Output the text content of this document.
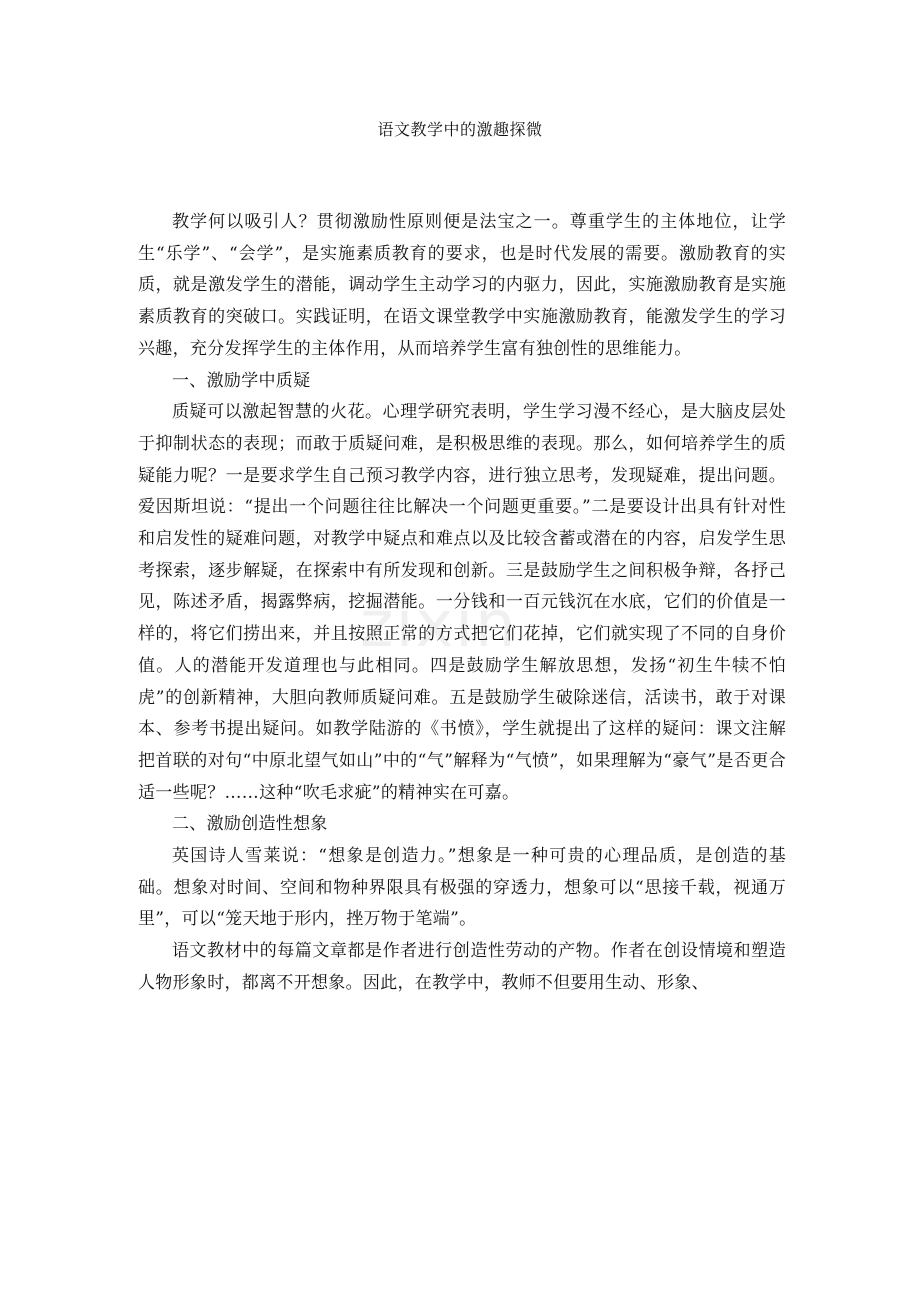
语文教学中的激趣探微

教学何以吸引人？贯彻激励性原则便是法宝之一。尊重学生的主体地位，让学生“乐学”、“会学”，是实施素质教育的要求，也是时代发展的需要。激励教育的实质，就是激发学生的潜能，调动学生主动学习的内驱力，因此，实施激励教育是实施素质教育的突破口。实践证明，在语文课堂教学中实施激励教育，能激发学生的学习兴趣，充分发挥学生的主体作用，从而培养学生富有独创性的思维能力。

一、激励学中质疑

质疑可以激起智慧的火花。心理学研究表明，学生学习漫不经心，是大脑皮层处于抑制状态的表现；而敢于质疑问难，是积极思维的表现。那么，如何培养学生的质疑能力呢？一是要求学生自己预习教学内容，进行独立思考，发现疑难，提出问题。爱因斯坦说：“提出一个问题往往比解决一个问题更重要。”二是要设计出具有针对性和启发性的疑难问题，对教学中疑点和难点以及比较含蓄或潜在的内容，启发学生思考探索，逐步解疑，在探索中有所发现和创新。三是鼓励学生之间积极争辩，各抒己见，陈述矛盾，揭露弊病，挖掘潜能。一分钱和一百元钱沉在水底，它们的价值是一样的，将它们捞出来，并且按照正常的方式把它们花掉，它们就实现了不同的自身价值。人的潜能开发道理也与此相同。四是鼓励学生解放思想，发扬“初生牛犊不怕虎”的创新精神，大胆向教师质疑问难。五是鼓励学生破除迷信，活读书，敢于对课本、参考书提出疑问。如教学陆游的《书愤》，学生就提出了这样的疑问：课文注解把首联的对句“中原北望气如山”中的“气”解释为“气愤”，如果理解为“豪气”是否更合适一些呢？……这种“吹毛求疵”的精神实在可嘉。

二、激励创造性想象

英国诗人雪莱说：“想象是创造力。”想象是一种可贵的心理品质，是创造的基础。想象对时间、空间和物种界限具有极强的穿透力，想象可以“思接千载，视通万里”，可以“笼天地于形内，挫万物于笔端”。

语文教材中的每篇文章都是作者进行创造性劳动的产物。作者在创设情境和塑造人物形象时，都离不开想象。因此，在教学中，教师不但要用生动、形象、

zixin
